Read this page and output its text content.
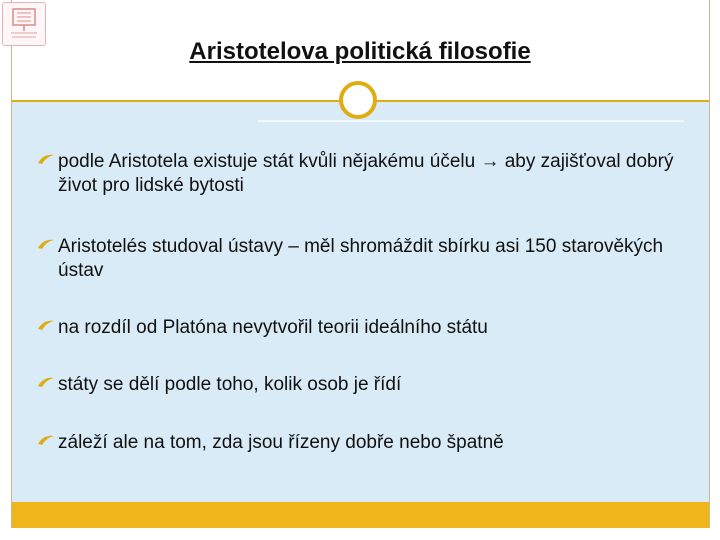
Aristotelova politická filosofie
podle Aristotela existuje stát kvůli nějakému účelu → aby zajišťoval dobrý život pro lidské bytosti
Aristotelés studoval ústavy – měl shromáždit sbírku asi 150 starověkých ústav
na rozdíl od Platóna nevytvořil teorii ideálního státu
státy se dělí podle toho, kolik osob je řídí
záleží ale na tom, zda jsou řízeny dobře nebo špatně
